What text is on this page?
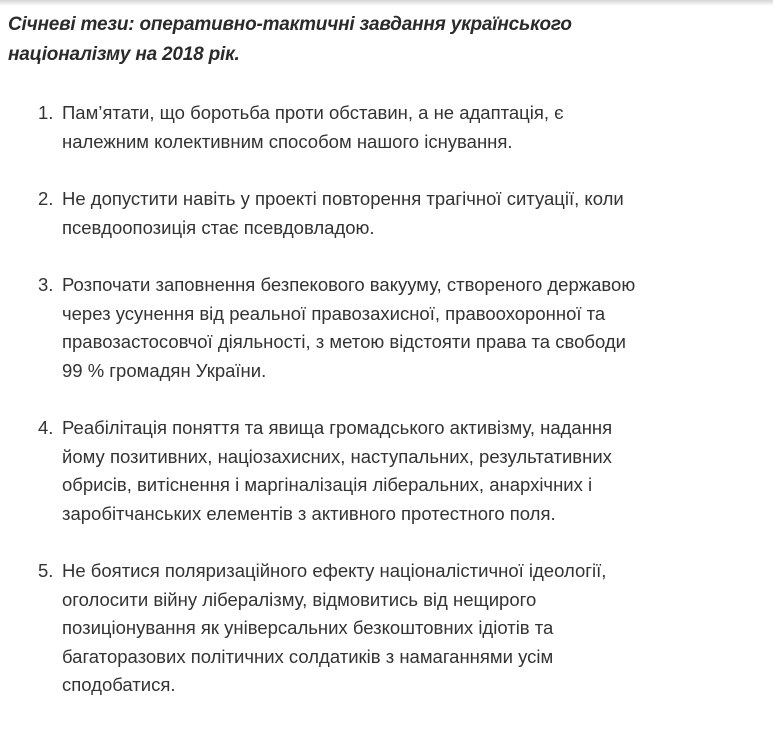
Січневі тези: оперативно-тактичні завдання українського
націоналізму на 2018 рік.
1. Пам’ятати, що боротьба проти обставин, а не адаптація, є
належним колективним способом нашого існування.
2. Не допустити навіть у проекті повторення трагічної ситуації, коли
псевдоопозиція стає псевдовладою.
3. Розпочати заповнення безпекового вакууму, створеного державою
через усунення від реальної правозахисної, правоохоронної та
правозастосовчої діяльності, з метою відстояти права та свободи
99 % громадян України.
4. Реабілітація поняття та явища громадського активізму, надання
йому позитивних, націозахисних, наступальних, результативних
обрисів, витіснення і маргіналізація ліберальних, анархічних і
заробітчанських елементів з активного протестного поля.
5. Не боятися поляризаційного ефекту націоналістичної ідеології,
оголосити війну лібералізму, відмовитись від нещирого
позиціонування як універсальних безкоштовних ідіотів та
багаторазових політичних солдатиків з намаганнями усім
сподобатися.
